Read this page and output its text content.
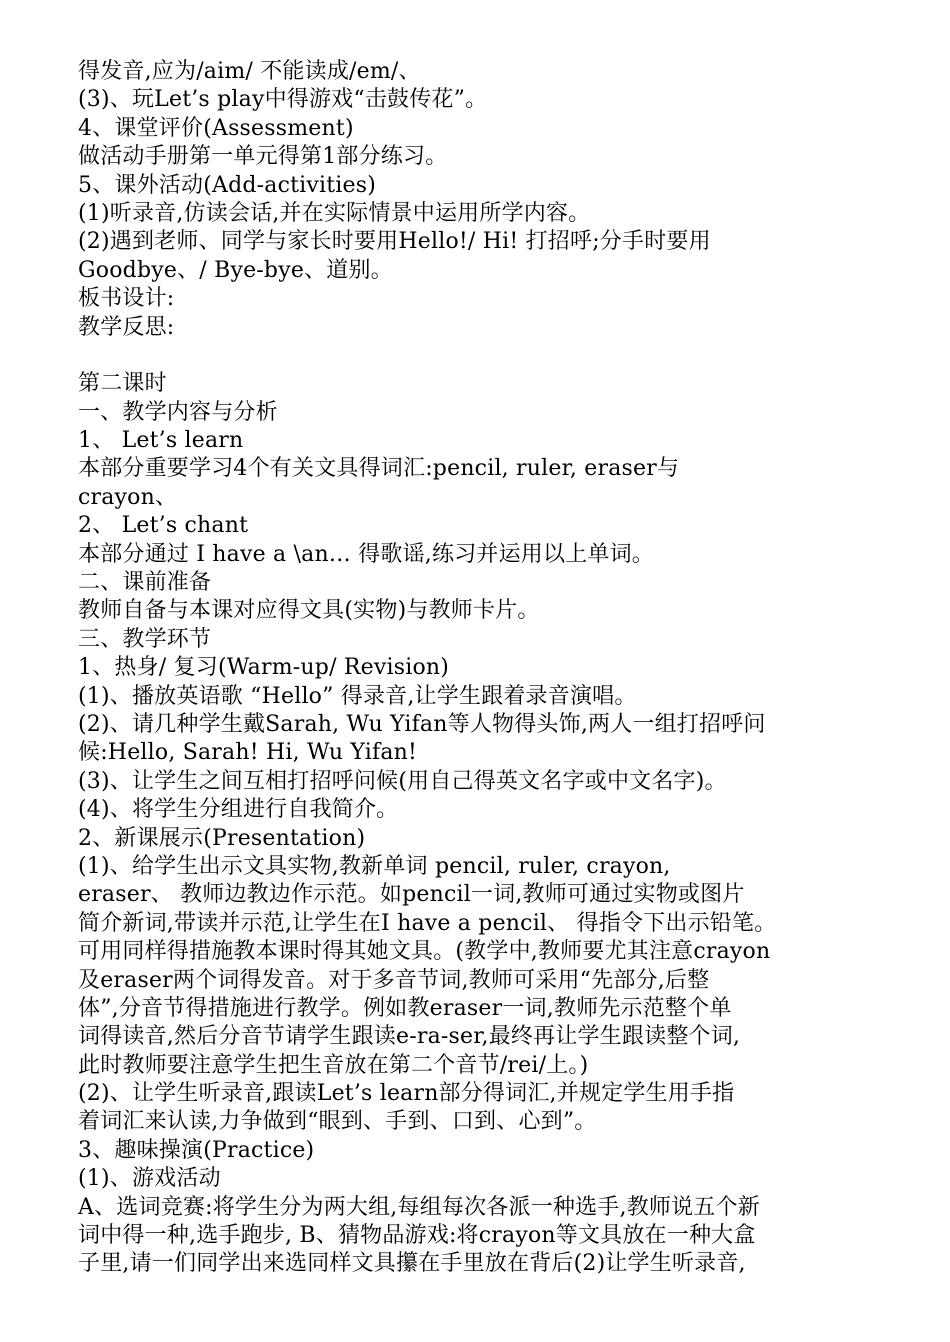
得发音,应为/aim/ 不能读成/em/、
(3)、玩Let’s play中得游戏“击鼓传花”。
4、课堂评价(Assessment)
做活动手册第一单元得第1部分练习。
5、课外活动(Add-activities)
(1)听录音,仿读会话,并在实际情景中运用所学内容。
(2)遇到老师、同学与家长时要用Hello!/ Hi! 打招呼;分手时要用
Goodbye、/ Bye-bye、道别。
板书设计:
教学反思:
第二课时
一、教学内容与分析
1、 Let’s learn
本部分重要学习4个有关文具得词汇:pencil, ruler, eraser与
crayon、
2、 Let’s chant
本部分通过 I have a \an… 得歌谣,练习并运用以上单词。
二、课前准备
教师自备与本课对应得文具(实物)与教师卡片。
三、教学环节
1、热身/ 复习(Warm-up/ Revision)
(1)、播放英语歌 “Hello” 得录音,让学生跟着录音演唱。
(2)、请几种学生戴Sarah, Wu Yifan等人物得头饰,两人一组打招呼问
候:Hello, Sarah! Hi, Wu Yifan!
(3)、让学生之间互相打招呼问候(用自己得英文名字或中文名字)。
(4)、将学生分组进行自我简介。
2、新课展示(Presentation)
(1)、给学生出示文具实物,教新单词 pencil, ruler, crayon,
eraser、 教师边教边作示范。如pencil一词,教师可通过实物或图片
简介新词,带读并示范,让学生在I have a pencil、 得指令下出示铅笔。
可用同样得措施教本课时得其她文具。(教学中,教师要尤其注意crayon
及eraser两个词得发音。对于多音节词,教师可采用“先部分,后整
体”,分音节得措施进行教学。例如教eraser一词,教师先示范整个单
词得读音,然后分音节请学生跟读e-ra-ser,最终再让学生跟读整个词,
此时教师要注意学生把生音放在第二个音节/rei/上。)
(2)、让学生听录音,跟读Let’s learn部分得词汇,并规定学生用手指
着词汇来认读,力争做到“眼到、手到、口到、心到”。
3、趣味操演(Practice)
(1)、游戏活动
A、选词竞赛:将学生分为两大组,每组每次各派一种选手,教师说五个新
词中得一种,选手跑步, B、猜物品游戏:将crayon等文具放在一种大盒
子里,请一们同学出来选同样文具攥在手里放在背后(2)让学生听录音,
